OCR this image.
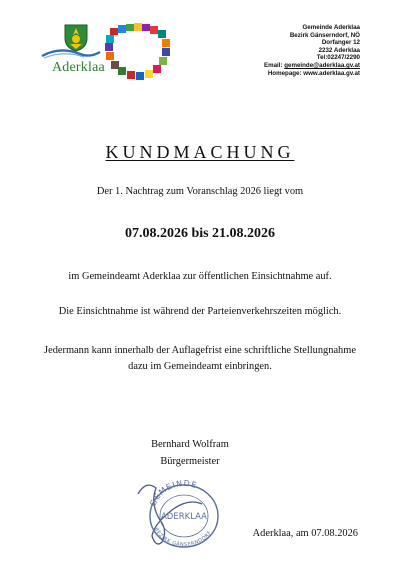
Aderklaa
Gemeinde Aderklaa
Bezirk Gänserndorf, NÖ
Dorfanger 12
2232 Aderklaa
Tel:02247/2290
Email: gemeinde@aderklaa.gv.at
Homepage: www.aderklaa.gv.at
KUNDMACHUNG
Der 1. Nachtrag zum Voranschlag 2026 liegt vom
07.08.2026 bis 21.08.2026
im Gemeindeamt Aderklaa zur öffentlichen Einsichtnahme auf.
Die Einsichtnahme ist während der Parteienverkehrszeiten möglich.
Jedermann kann innerhalb der Auflagefrist eine schriftliche Stellungnahme
dazu im Gemeindeamt einbringen.
Bernhard Wolfram
Bürgermeister
GEMEINDE
ADERKLAA
BEZIRK GÄNSERNDORF	Aderklaa, am 07.08.2026
